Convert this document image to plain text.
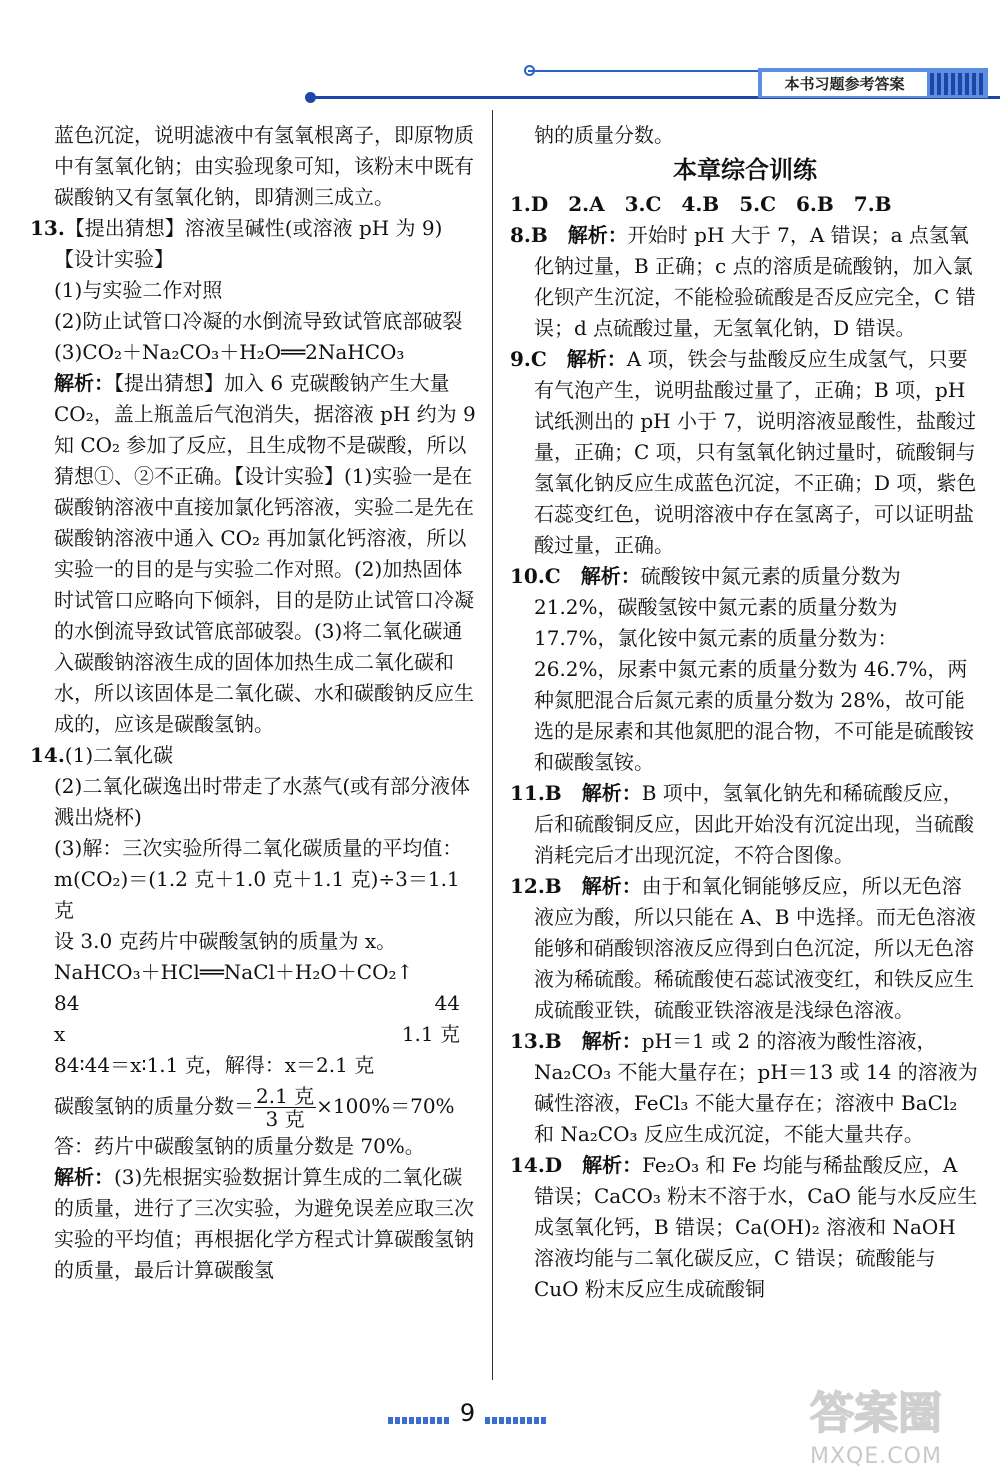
本书习题参考答案

蓝色沉淀，说明滤液中有氢氧根离子，即原物质中有氢氧化钠；由实验现象可知，该粉末中既有碳酸钠又有氢氧化钠，即猜测三成立。

13.【提出猜想】溶液呈碱性(或溶液 pH 为 9)

【设计实验】

(1)与实验二作对照

(2)防止试管口冷凝的水倒流导致试管底部破裂

(3)CO₂＋Na₂CO₃＋H₂O══2NaHCO₃

解析：【提出猜想】加入 6 克碳酸钠产生大量 CO₂，盖上瓶盖后气泡消失，据溶液 pH 约为 9 知 CO₂ 参加了反应，且生成物不是碳酸，所以猜想①、②不正确。【设计实验】(1)实验一是在碳酸钠溶液中直接加氯化钙溶液，实验二是先在碳酸钠溶液中通入 CO₂ 再加氯化钙溶液，所以实验一的目的是与实验二作对照。(2)加热固体时试管口应略向下倾斜，目的是防止试管口冷凝的水倒流导致试管底部破裂。(3)将二氧化碳通入碳酸钠溶液生成的固体加热生成二氧化碳和水，所以该固体是二氧化碳、水和碳酸钠反应生成的，应该是碳酸氢钠。

14.(1)二氧化碳

(2)二氧化碳逸出时带走了水蒸气(或有部分液体溅出烧杯)

(3)解：三次实验所得二氧化碳质量的平均值：

m(CO₂)＝(1.2 克＋1.0 克＋1.1 克)÷3＝1.1 克

设 3.0 克药片中碳酸氢钠的质量为 x。

NaHCO₃＋HCl══NaCl＋H₂O＋CO₂↑

84	44
x	1.1 克

84∶44＝x∶1.1 克，解得：x＝2.1 克

碳酸氢钠的质量分数＝ $\frac{\text{2.1 克}}{\text{3 克}} \times 100\%=70\%$

答：药片中碳酸氢钠的质量分数是 70%。

解析：(3)先根据实验数据计算生成的二氧化碳的质量，进行了三次实验，为避免误差应取三次实验的平均值；再根据化学方程式计算碳酸氢钠的质量，最后计算碳酸氢

钠的质量分数。

本章综合训练

1.D　2.A　3.C　4.B　5.C　6.B　7.B

8.B　 解析：开始时 pH 大于 7，A 错误；a 点氢氧化钠过量，B 正确；c 点的溶质是硫酸钠，加入氯化钡产生沉淀，不能检验硫酸是否反应完全，C 错误；d 点硫酸过量，无氢氧化钠，D 错误。

9.C　 解析：A 项，铁会与盐酸反应生成氢气，只要有气泡产生，说明盐酸过量了，正确；B 项，pH 试纸测出的 pH 小于 7，说明溶液显酸性，盐酸过量，正确；C 项，只有氢氧化钠过量时，硫酸铜与氢氧化钠反应生成蓝色沉淀，不正确；D 项，紫色石蕊变红色，说明溶液中存在氢离子，可以证明盐酸过量，正确。

10.C　 解析：硫酸铵中氮元素的质量分数为 21.2%，碳酸氢铵中氮元素的质量分数为 17.7%，氯化铵中氮元素的质量分数为：26.2%，尿素中氮元素的质量分数为 46.7%，两种氮肥混合后氮元素的质量分数为 28%，故可能选的是尿素和其他氮肥的混合物，不可能是硫酸铵和碳酸氢铵。

11.B　 解析：B 项中，氢氧化钠先和稀硫酸反应，后和硫酸铜反应，因此开始没有沉淀出现，当硫酸消耗完后才出现沉淀，不符合图像。

12.B　 解析：由于和氧化铜能够反应，所以无色溶液应为酸，所以只能在 A、B 中选择。而无色溶液能够和硝酸钡溶液反应得到白色沉淀，所以无色溶液为稀硫酸。稀硫酸使石蕊试液变红，和铁反应生成硫酸亚铁，硫酸亚铁溶液是浅绿色溶液。

13.B　 解析：pH＝1 或 2 的溶液为酸性溶液，Na₂CO₃ 不能大量存在；pH＝13 或 14 的溶液为碱性溶液，FeCl₃ 不能大量存在；溶液中 BaCl₂ 和 Na₂CO₃ 反应生成沉淀，不能大量共存。

14.D　 解析：Fe₂O₃ 和 Fe 均能与稀盐酸反应，A 错误；CaCO₃ 粉末不溶于水，CaO 能与水反应生成氢氧化钙，B 错误；Ca(OH)₂ 溶液和 NaOH 溶液均能与二氧化碳反应，C 错误；硫酸能与 CuO 粉末反应生成硫酸铜

9	答案圈
MXQE.COM
